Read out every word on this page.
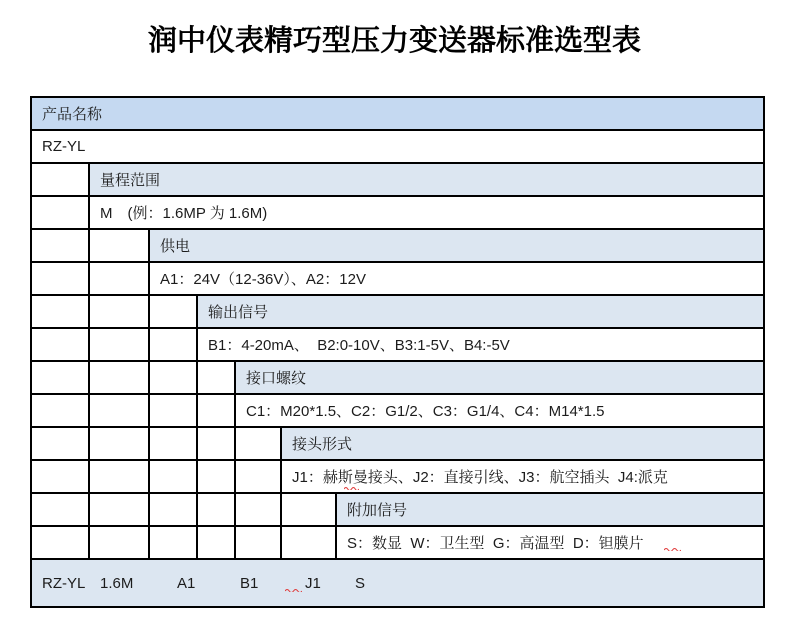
润中仪表精巧型压力变送器标准选型表
产品名称
RZ-YL
量程范围
M　(例：1.6MP 为 1.6M)
供电
A1：24V（12-36V）、A2：12V
输出信号
B1：4-20mA、  B2:0-10V、B3:1-5V、B4:-5V
接口螺纹
C1：M20*1.5、C2：G1/2、C3：G1/4、C4：M14*1.5
接头形式
J1：赫斯曼接头、J2：直接引线、J3：航空插头  J4:派克
附加信号
S：数显  W：卫生型  G：高温型  D：钽膜片
RZ-YL 1.6M	A1	B1	J1 S
